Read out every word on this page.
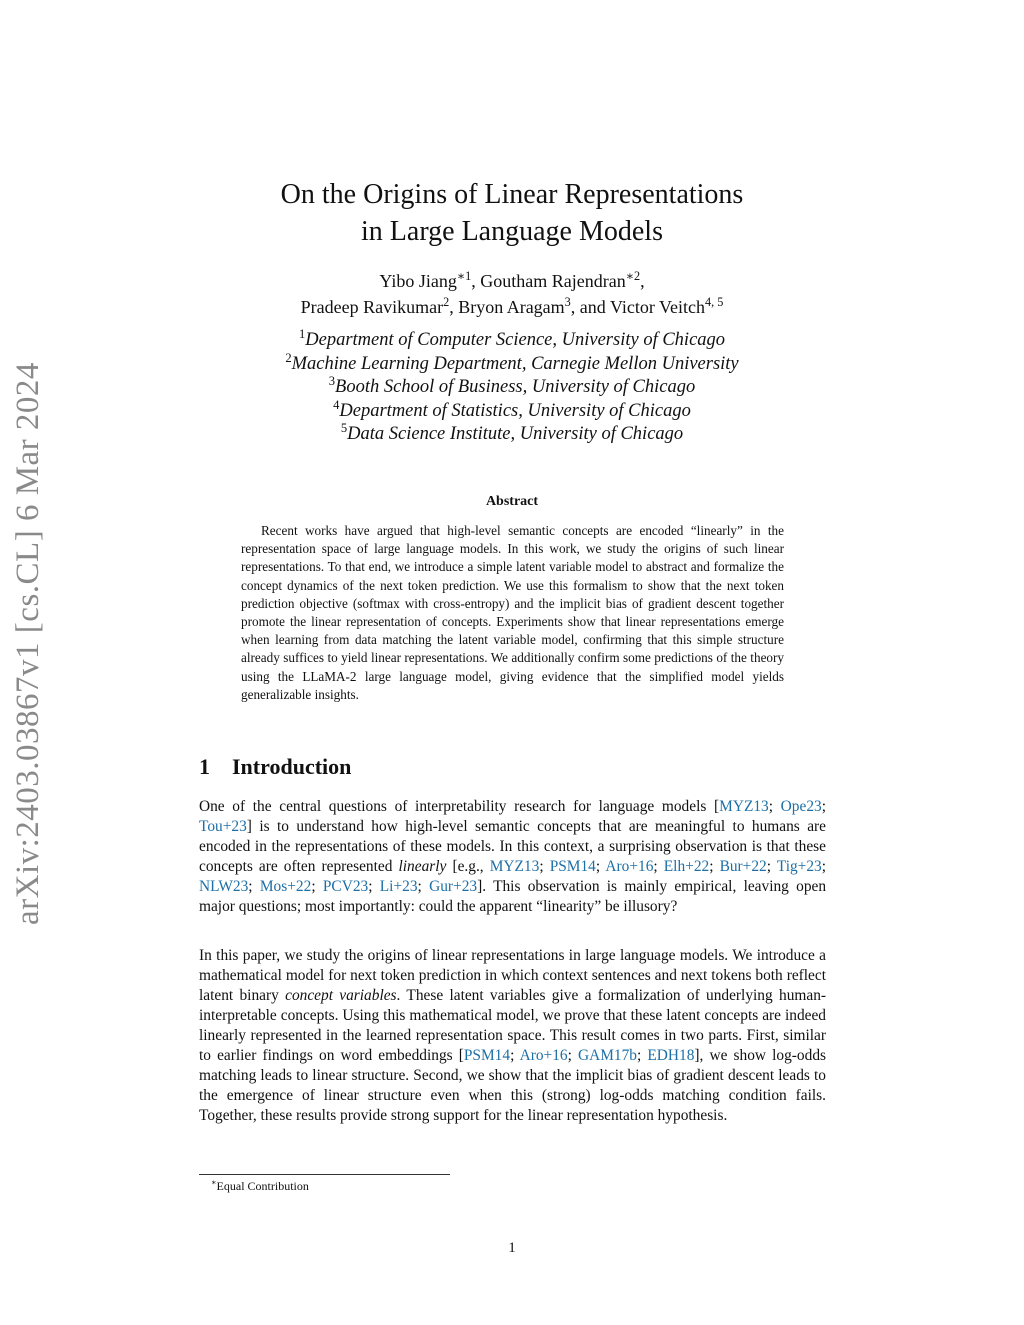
arXiv:2403.03867v1 [cs.CL] 6 Mar 2024
On the Origins of Linear Representations
in Large Language Models
Yibo Jiang$^{∗1}$, Goutham Rajendran$^{∗2}$,
Pradeep Ravikumar$^2$, Bryon Aragam$^3$, and Victor Veitch$^{4, 5}$
$^1$Department of Computer Science, University of Chicago
$^2$Machine Learning Department, Carnegie Mellon University
$^3$Booth School of Business, University of Chicago
$^4$Department of Statistics, University of Chicago
$^5$Data Science Institute, University of Chicago
Abstract
Recent works have argued that high-level semantic concepts are encoded “linearly” in the representation space of large language models. In this work, we study the origins of such linear representations. To that end, we introduce a simple latent variable model to abstract and formalize the concept dynamics of the next token prediction. We use this formalism to show that the next token prediction objective (softmax with cross-entropy) and the implicit bias of gradient descent together promote the linear representation of concepts. Experiments show that linear representations emerge when learning from data matching the latent variable model, confirming that this simple structure already suffices to yield linear representations. We additionally confirm some predictions of the theory using the LLaMA-2 large language model, giving evidence that the simplified model yields generalizable insights.
1 Introduction
One of the central questions of interpretability research for language models [MYZ13; Ope23; Tou+23] is to understand how high-level semantic concepts that are meaningful to humans are encoded in the representations of these models. In this context, a surprising observation is that these concepts are often represented linearly [e.g., MYZ13; PSM14; Aro+16; Elh+22; Bur+22; Tig+23; NLW23; Mos+22; PCV23; Li+23; Gur+23]. This observation is mainly empirical, leaving open major questions; most importantly: could the apparent “linearity” be illusory?
In this paper, we study the origins of linear representations in large language models. We introduce a mathematical model for next token prediction in which context sentences and next tokens both reflect latent binary concept variables. These latent variables give a formalization of underlying human-interpretable concepts. Using this mathematical model, we prove that these latent concepts are indeed linearly represented in the learned representation space. This result comes in two parts. First, similar to earlier findings on word embeddings [PSM14; Aro+16; GAM17b; EDH18], we show log-odds matching leads to linear structure. Second, we show that the implicit bias of gradient descent leads to the emergence of linear structure even when this (strong) log-odds matching condition fails. Together, these results provide strong support for the linear representation hypothesis.
∗Equal Contribution
1
